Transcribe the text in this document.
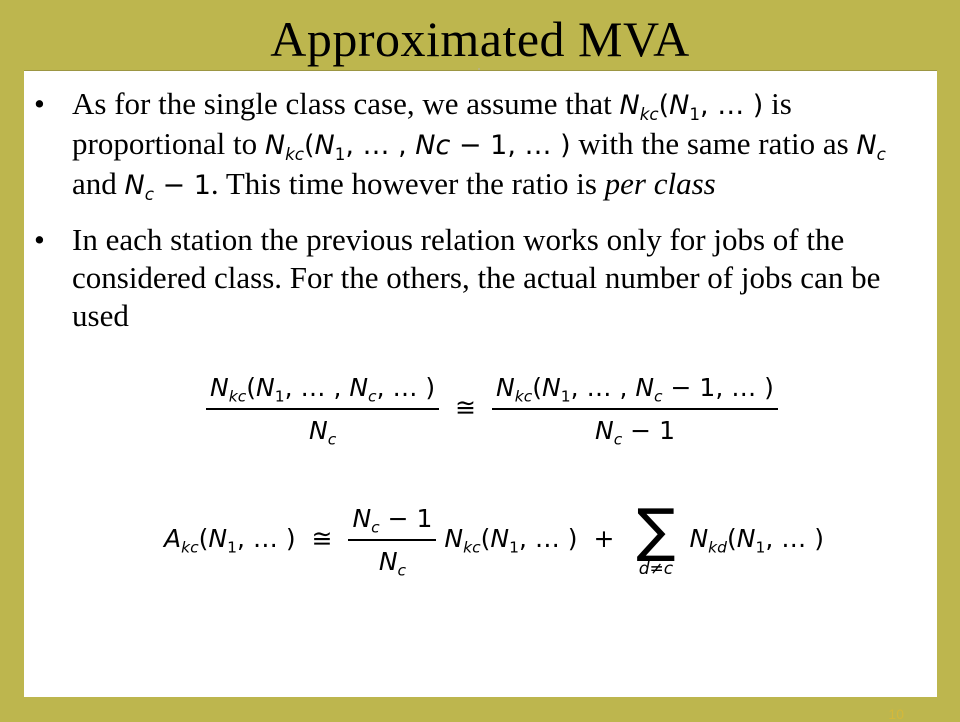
Approximated MVA
• As for the single class case, we assume that $N_{kc}(N_1$, … ) is proportional to $N_{kc}(N_1$, … , Nc − 1, … ) with the same ratio as $N_c$ and $N_c - 1$. This time however the ratio is per class
• In each station the previous relation works only for jobs of the considered class. For the others, the actual number of jobs can be used
$\frac{N_{kc}(N_1, \dots , N_c, \dots )}{N_c}$ ≅ $\frac{N_{kc}(N_1, \dots , N_c - 1, \dots )}{N_c - 1}$
$A_{kc}(N_1$, … ) ≅ $\frac{N_c - 1}{N_c} N_{kc}(N_1$, … ) + ∑
d≠c
$N_{kd}(N_1$, … )
10
